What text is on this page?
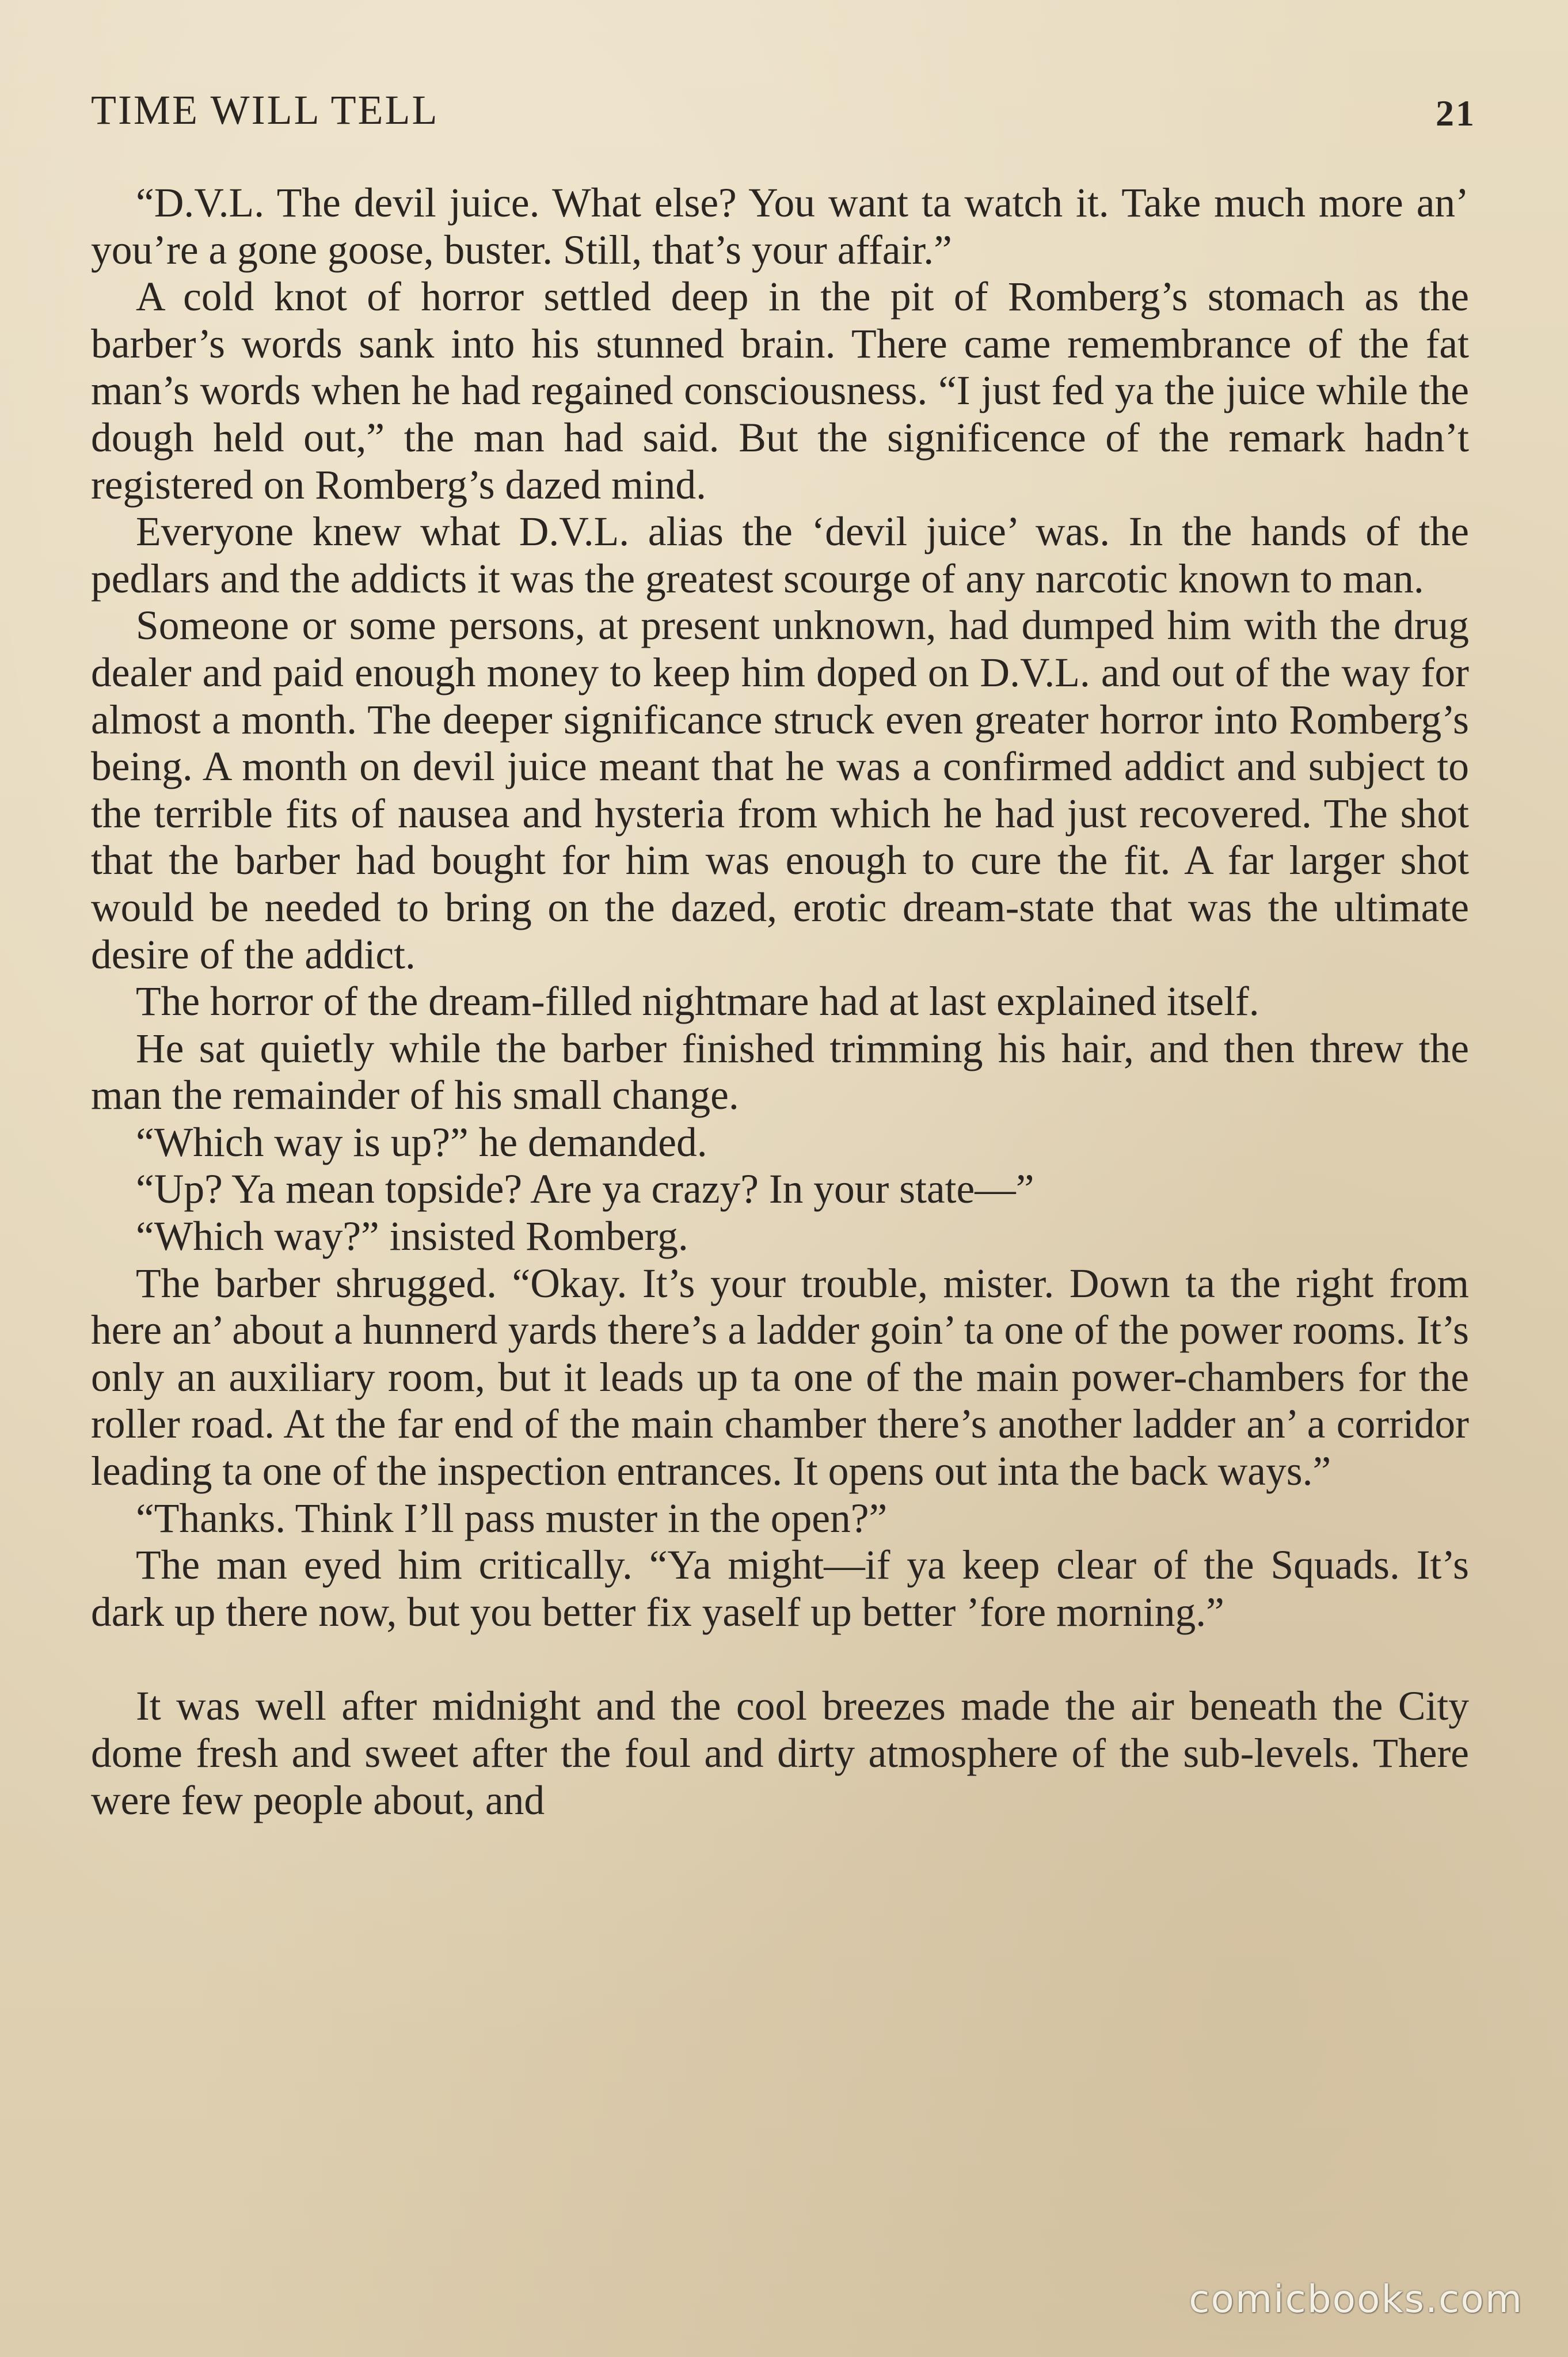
TIME WILL TELL	21

“D.V.L. The devil juice. What else? You want ta watch it. Take much more an’ you’re a gone goose, buster. Still, that’s your affair.”

A cold knot of horror settled deep in the pit of Romberg’s stomach as the barber’s words sank into his stunned brain. There came remembrance of the fat man’s words when he had regained consciousness. “I just fed ya the juice while the dough held out,” the man had said. But the significence of the remark hadn’t registered on Romberg’s dazed mind.

Everyone knew what D.V.L. alias the ‘devil juice’ was. In the hands of the pedlars and the addicts it was the greatest scourge of any narcotic known to man.

Someone or some persons, at present unknown, had dumped him with the drug dealer and paid enough money to keep him doped on D.V.L. and out of the way for almost a month. The deeper significance struck even greater horror into Romberg’s being. A month on devil juice meant that he was a confirmed addict and subject to the terrible fits of nausea and hysteria from which he had just recovered. The shot that the barber had bought for him was enough to cure the fit. A far larger shot would be needed to bring on the dazed, erotic dream-state that was the ultimate desire of the addict.

The horror of the dream-filled nightmare had at last explained itself.

He sat quietly while the barber finished trimming his hair, and then threw the man the remainder of his small change.

“Which way is up?” he demanded.

“Up? Ya mean topside? Are ya crazy? In your state—”

“Which way?” insisted Romberg.

The barber shrugged. “Okay. It’s your trouble, mister. Down ta the right from here an’ about a hunnerd yards there’s a ladder goin’ ta one of the power rooms. It’s only an auxiliary room, but it leads up ta one of the main power-chambers for the roller road. At the far end of the main chamber there’s another ladder an’ a corridor leading ta one of the inspection entrances. It opens out inta the back ways.”

“Thanks. Think I’ll pass muster in the open?”

The man eyed him critically. “Ya might—if ya keep clear of the Squads. It’s dark up there now, but you better fix yaself up better ’fore morning.”

It was well after midnight and the cool breezes made the air beneath the City dome fresh and sweet after the foul and dirty atmosphere of the sub-levels. There were few people about, and

comicbooks.com
